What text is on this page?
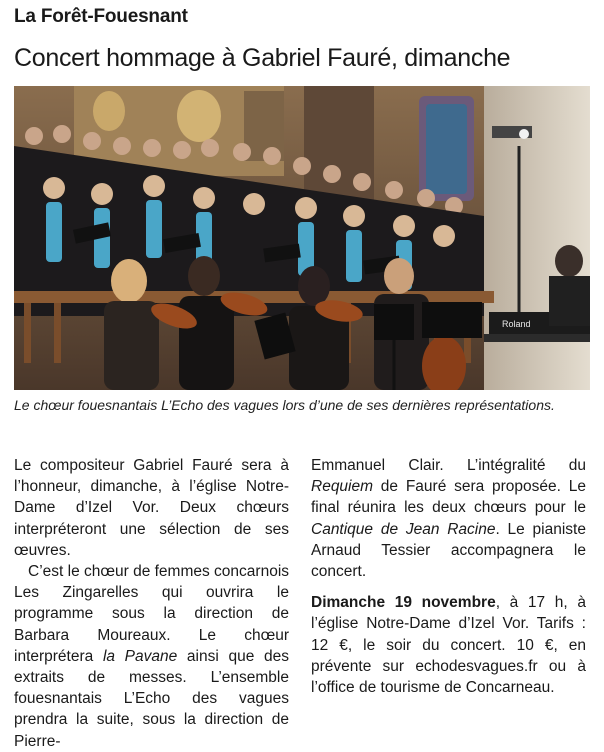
La Forêt-Fouesnant
Concert hommage à Gabriel Fauré, dimanche
Roland
Le chœur fouesnantais L’Echo des vagues lors d’une de ses dernières représentations.

Le compositeur Gabriel Fauré sera à l’honneur, dimanche, à l’église Notre-Dame d’Izel Vor. Deux chœurs interpréteront une sélection de ses œuvres.

C’est le chœur de femmes concarnois Les Zingarelles qui ouvrira le programme sous la direction de Barbara Moureaux. Le chœur interprétera la Pavane ainsi que des extraits de messes. L’ensemble fouesnantais L’Echo des vagues prendra la suite, sous la direction de Pierre-

Emmanuel Clair. L’intégralité du Requiem de Fauré sera proposée. Le final réunira les deux chœurs pour le Cantique de Jean Racine. Le pianiste Arnaud Tessier accompagnera le concert.

Dimanche 19 novembre, à 17 h, à l’église Notre-Dame d’Izel Vor. Tarifs : 12 €, le soir du concert. 10 €, en prévente sur echodesvagues.fr ou à l’office de tourisme de Concarneau.
